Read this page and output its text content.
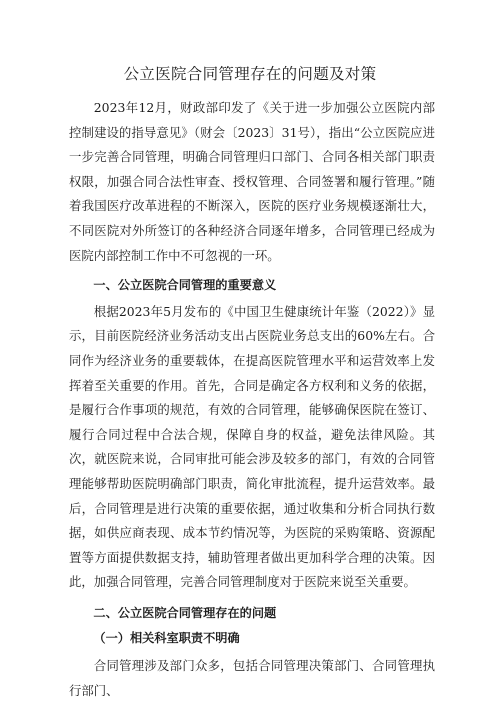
公立医院合同管理存在的问题及对策

2023年12月，财政部印发了《关于进一步加强公立医院内部控制建设的指导意见》（财会〔2023〕31号），指出“公立医院应进一步完善合同管理，明确合同管理归口部门、合同各相关部门职责权限，加强合同合法性审查、授权管理、合同签署和履行管理。”随着我国医疗改革进程的不断深入，医院的医疗业务规模逐渐壮大，不同医院对外所签订的各种经济合同逐年增多，合同管理已经成为医院内部控制工作中不可忽视的一环。

一、公立医院合同管理的重要意义

根据2023年5月发布的《中国卫生健康统计年鉴（2022）》显示，目前医院经济业务活动支出占医院业务总支出的60%左右。合同作为经济业务的重要载体，在提高医院管理水平和运营效率上发挥着至关重要的作用。首先，合同是确定各方权利和义务的依据，是履行合作事项的规范，有效的合同管理，能够确保医院在签订、履行合同过程中合法合规，保障自身的权益，避免法律风险。其次，就医院来说，合同审批可能会涉及较多的部门，有效的合同管理能够帮助医院明确部门职责，简化审批流程，提升运营效率。最后，合同管理是进行决策的重要依据，通过收集和分析合同执行数据，如供应商表现、成本节约情况等，为医院的采购策略、资源配置等方面提供数据支持，辅助管理者做出更加科学合理的决策。因此，加强合同管理，完善合同管理制度对于医院来说至关重要。

二、公立医院合同管理存在的问题

（一）相关科室职责不明确

合同管理涉及部门众多，包括合同管理决策部门、合同管理执行部门、
